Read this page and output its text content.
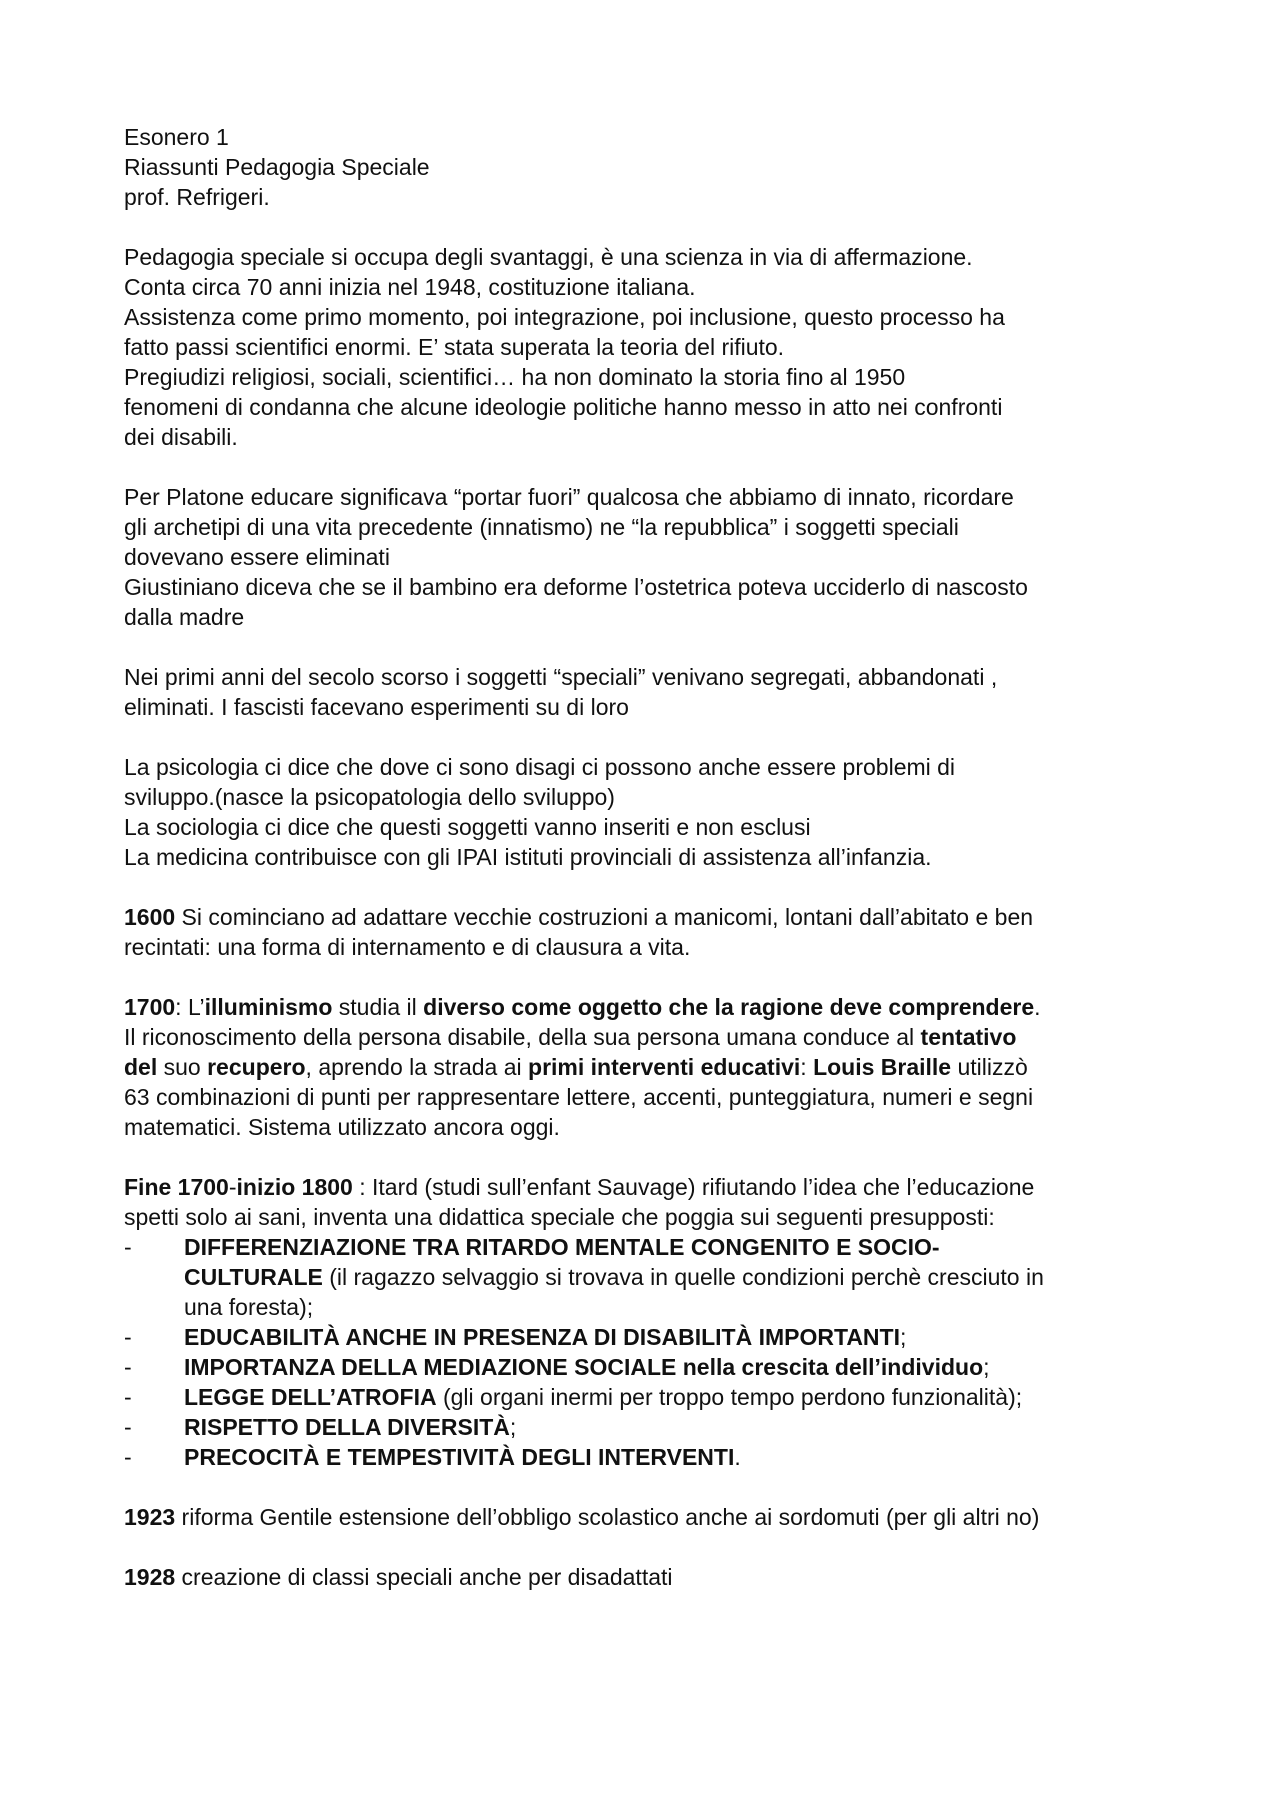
Esonero 1
Riassunti Pedagogia Speciale
prof. Refrigeri.
Pedagogia speciale si occupa degli svantaggi, è una scienza in via di affermazione.
Conta circa 70 anni inizia nel 1948, costituzione italiana.
Assistenza come primo momento, poi integrazione, poi inclusione, questo processo ha
fatto passi scientifici enormi. E’ stata superata la teoria del rifiuto.
Pregiudizi religiosi, sociali, scientifici… ha non dominato la storia fino al 1950
fenomeni di condanna che alcune ideologie politiche hanno messo in atto nei confronti
dei disabili.
Per Platone educare significava “portar fuori” qualcosa che abbiamo di innato, ricordare
gli archetipi di una vita precedente (innatismo) ne “la repubblica” i soggetti speciali
dovevano essere eliminati
Giustiniano diceva che se il bambino era deforme l’ostetrica poteva ucciderlo di nascosto
dalla madre
Nei primi anni del secolo scorso i soggetti “speciali” venivano segregati, abbandonati ,
eliminati. I fascisti facevano esperimenti su di loro
La psicologia ci dice che dove ci sono disagi ci possono anche essere problemi di
sviluppo.(nasce la psicopatologia dello sviluppo)
La sociologia ci dice che questi soggetti vanno inseriti e non esclusi
La medicina contribuisce con gli IPAI istituti provinciali di assistenza all’infanzia.
1600 Si cominciano ad adattare vecchie costruzioni a manicomi, lontani dall’abitato e ben
recintati: una forma di internamento e di clausura a vita.
1700: L’illuminismo studia il diverso come oggetto che la ragione deve comprendere.
Il riconoscimento della persona disabile, della sua persona umana conduce al tentativo
del suo recupero, aprendo la strada ai primi interventi educativi: Louis Braille utilizzò
63 combinazioni di punti per rappresentare lettere, accenti, punteggiatura, numeri e segni
matematici. Sistema utilizzato ancora oggi.
Fine 1700-inizio 1800 : Itard (studi sull’enfant Sauvage) rifiutando l’idea che l’educazione
spetti solo ai sani, inventa una didattica speciale che poggia sui seguenti presupposti:
- DIFFERENZIAZIONE TRA RITARDO MENTALE CONGENITO E SOCIO-
CULTURALE (il ragazzo selvaggio si trovava in quelle condizioni perchè cresciuto in
una foresta);
- EDUCABILITÀ ANCHE IN PRESENZA DI DISABILITÀ IMPORTANTI;
- IMPORTANZA DELLA MEDIAZIONE SOCIALE nella crescita dell’individuo;
- LEGGE DELL’ATROFIA (gli organi inermi per troppo tempo perdono funzionalità);
- RISPETTO DELLA DIVERSITÀ;
- PRECOCITÀ E TEMPESTIVITÀ DEGLI INTERVENTI.
1923 riforma Gentile estensione dell’obbligo scolastico anche ai sordomuti (per gli altri no)
1928 creazione di classi speciali anche per disadattati
